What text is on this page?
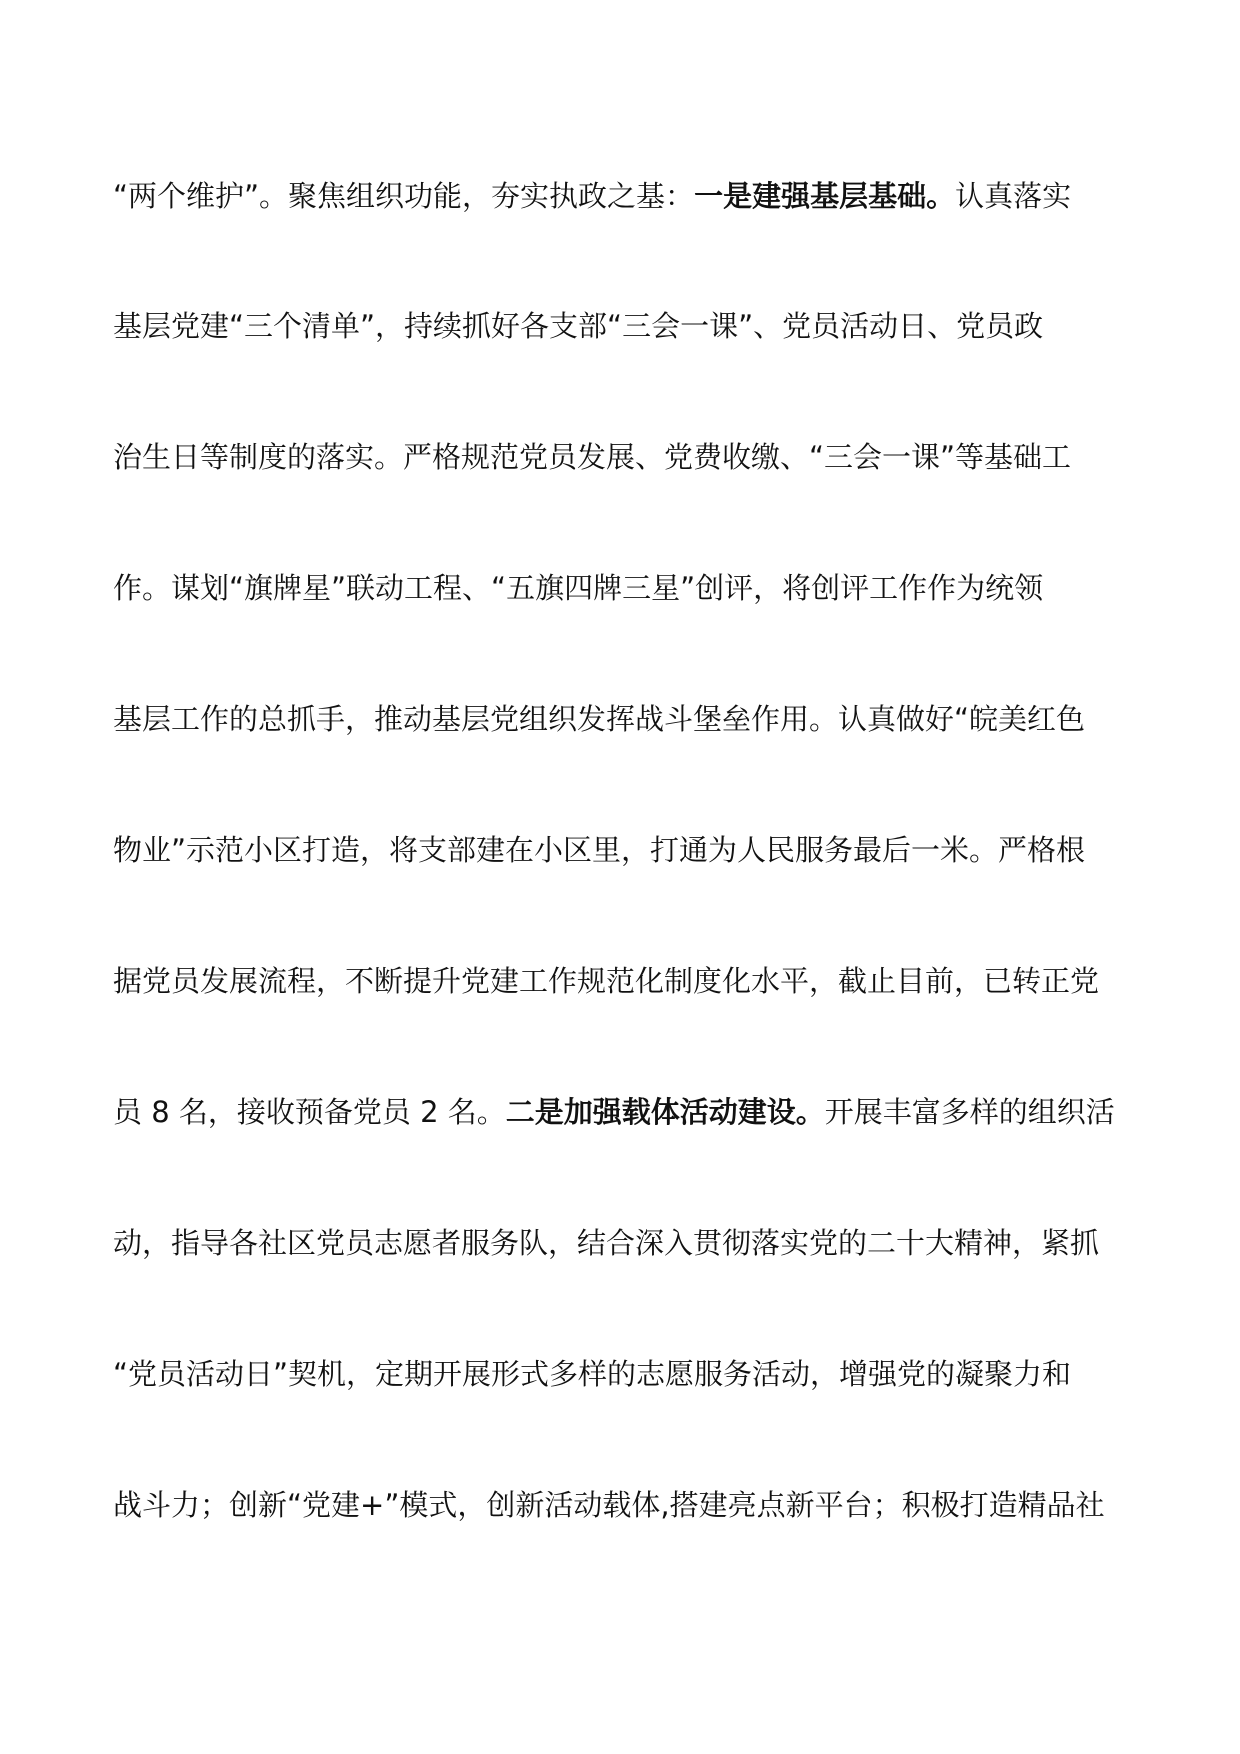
“两个维护”。聚焦组织功能，夯实执政之基：一是建强基层基础。认真落实
基层党建“三个清单”，持续抓好各支部“三会一课”、党员活动日、党员政
治生日等制度的落实。严格规范党员发展、党费收缴、“三会一课”等基础工
作。谋划“旗牌星”联动工程、“五旗四牌三星”创评，将创评工作作为统领
基层工作的总抓手，推动基层党组织发挥战斗堡垒作用。认真做好“皖美红色
物业”示范小区打造，将支部建在小区里，打通为人民服务最后一米。严格根
据党员发展流程，不断提升党建工作规范化制度化水平，截止目前，已转正党
员 8 名，接收预备党员 2 名。二是加强载体活动建设。开展丰富多样的组织活
动，指导各社区党员志愿者服务队，结合深入贯彻落实党的二十大精神，紧抓
“党员活动日”契机，定期开展形式多样的志愿服务活动，增强党的凝聚力和
战斗力；创新“党建+”模式，创新活动载体,搭建亮点新平台；积极打造精品社
